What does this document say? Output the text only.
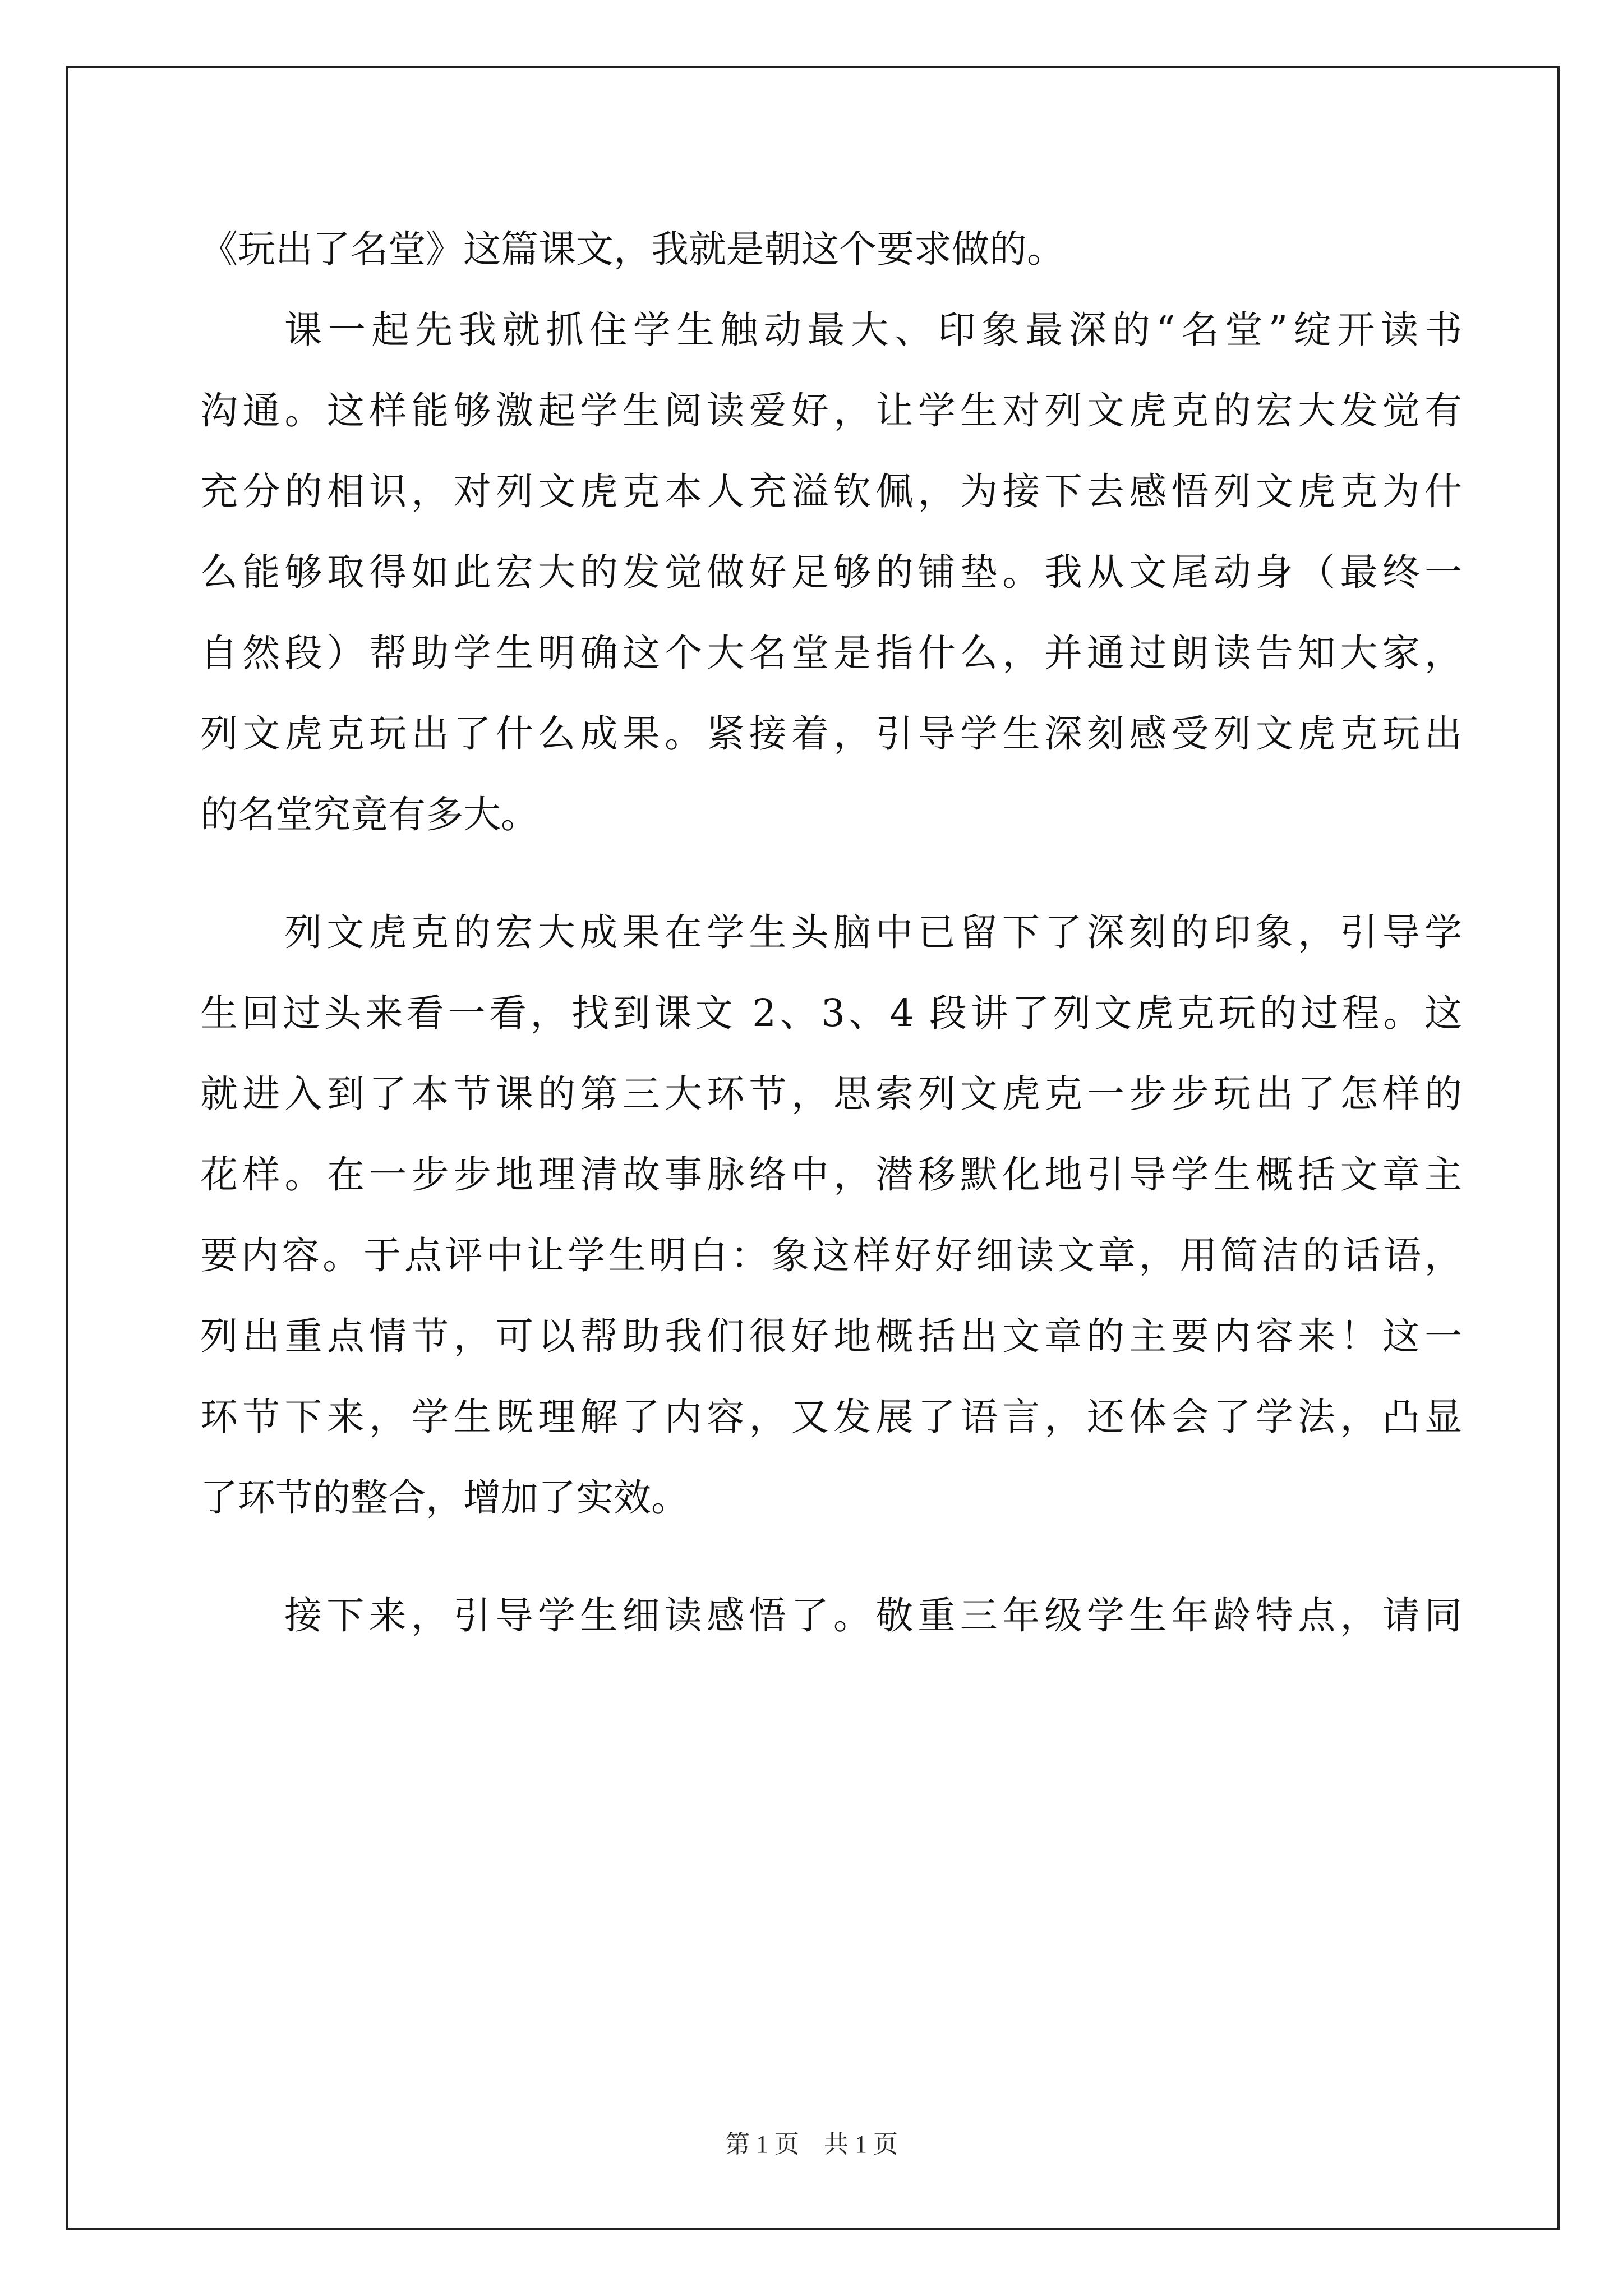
《玩出了名堂》这篇课文，我就是朝这个要求做的。
课一起先我就抓住学生触动最大、印象最深的“名堂”绽开读书
沟通。这样能够激起学生阅读爱好，让学生对列文虎克的宏大发觉有
充分的相识，对列文虎克本人充溢钦佩，为接下去感悟列文虎克为什
么能够取得如此宏大的发觉做好足够的铺垫。我从文尾动身（最终一
自然段）帮助学生明确这个大名堂是指什么，并通过朗读告知大家，
列文虎克玩出了什么成果。紧接着，引导学生深刻感受列文虎克玩出
的名堂究竟有多大。
列文虎克的宏大成果在学生头脑中已留下了深刻的印象，引导学
生回过头来看一看，找到课文 2、3、4 段讲了列文虎克玩的过程。这
就进入到了本节课的第三大环节，思索列文虎克一步步玩出了怎样的
花样。在一步步地理清故事脉络中，潜移默化地引导学生概括文章主
要内容。于点评中让学生明白：象这样好好细读文章，用简洁的话语，
列出重点情节，可以帮助我们很好地概括出文章的主要内容来！这一
环节下来，学生既理解了内容，又发展了语言，还体会了学法，凸显
了环节的整合，增加了实效。
接下来，引导学生细读感悟了。敬重三年级学生年龄特点，请同
第 1 页 共 1 页
